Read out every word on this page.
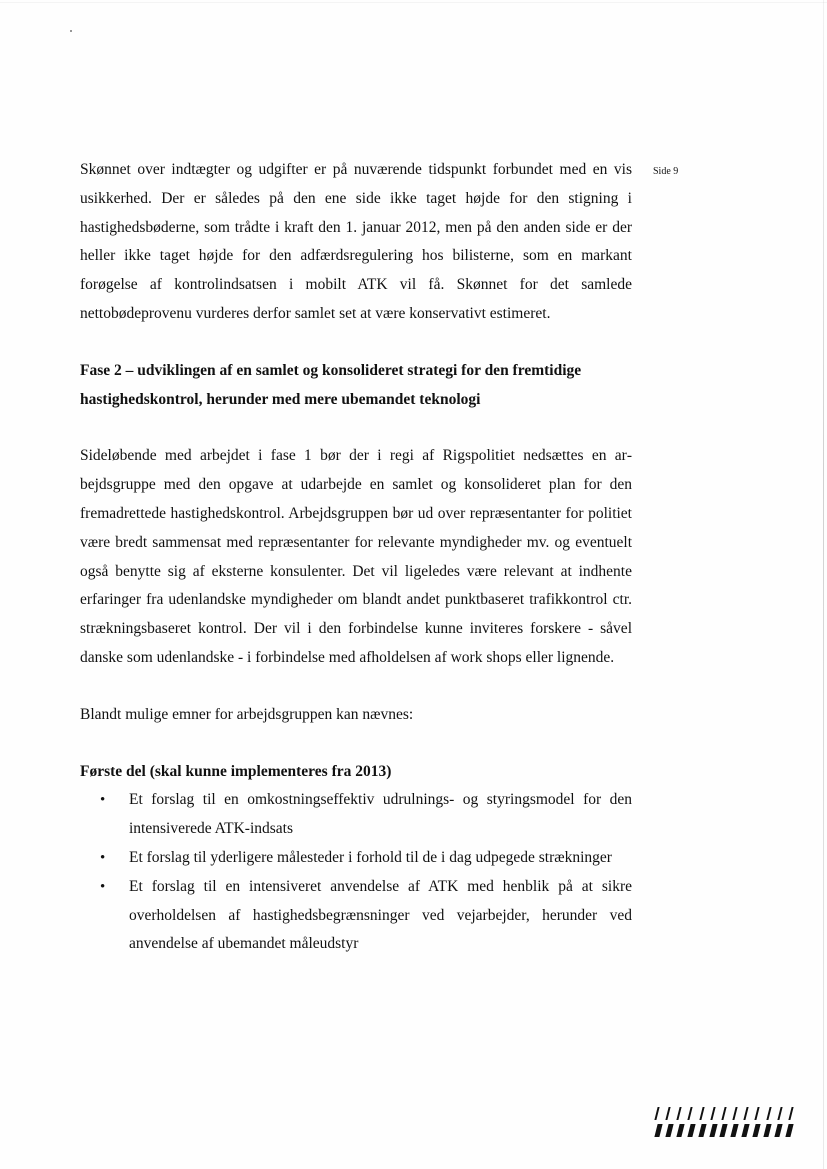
Side 9

Skønnet over indtægter og udgifter er på nuværende tidspunkt forbundet med en vis usikkerhed. Der er således på den ene side ikke taget højde for den stigning i hastighedsbøderne, som trådte i kraft den 1. januar 2012, men på den anden side er der heller ikke taget højde for den adfærdsregulering hos bilisterne, som en markant forøgelse af kontrolindsatsen i mobilt ATK vil få. Skønnet for det samlede nettobødeprovenu vurderes derfor samlet set at være konservativt estimeret.

Fase 2 – udviklingen af en samlet og konsolideret strategi for den fremtidige hastighedskontrol, herunder med mere ubemandet teknologi

Sideløbende med arbejdet i fase 1 bør der i regi af Rigspolitiet nedsættes en arbejdsgruppe med den opgave at udarbejde en samlet og konsolideret plan for den fremadrettede hastighedskontrol. Arbejdsgruppen bør ud over repræsentanter for politiet være bredt sammensat med repræsentanter for relevante myndigheder mv. og eventuelt også benytte sig af eksterne konsulenter. Det vil ligeledes være relevant at indhente erfaringer fra udenlandske myndigheder om blandt andet punktbaseret trafikkontrol ctr. strækningsbaseret kontrol. Der vil i den forbindelse kunne inviteres forskere - såvel danske som udenlandske - i forbindelse med afholdelsen af work shops eller lignende.

Blandt mulige emner for arbejdsgruppen kan nævnes:

Første del (skal kunne implementeres fra 2013)
• Et forslag til en omkostningseffektiv udrulnings- og styringsmodel for den intensiverede ATK-indsats
• Et forslag til yderligere målesteder i forhold til de i dag udpegede strækninger
• Et forslag til en intensiveret anvendelse af ATK med henblik på at sikre overholdelsen af hastighedsbegrænsninger ved vejarbejder, herunder ved anvendelse af ubemandet måleudstyr
